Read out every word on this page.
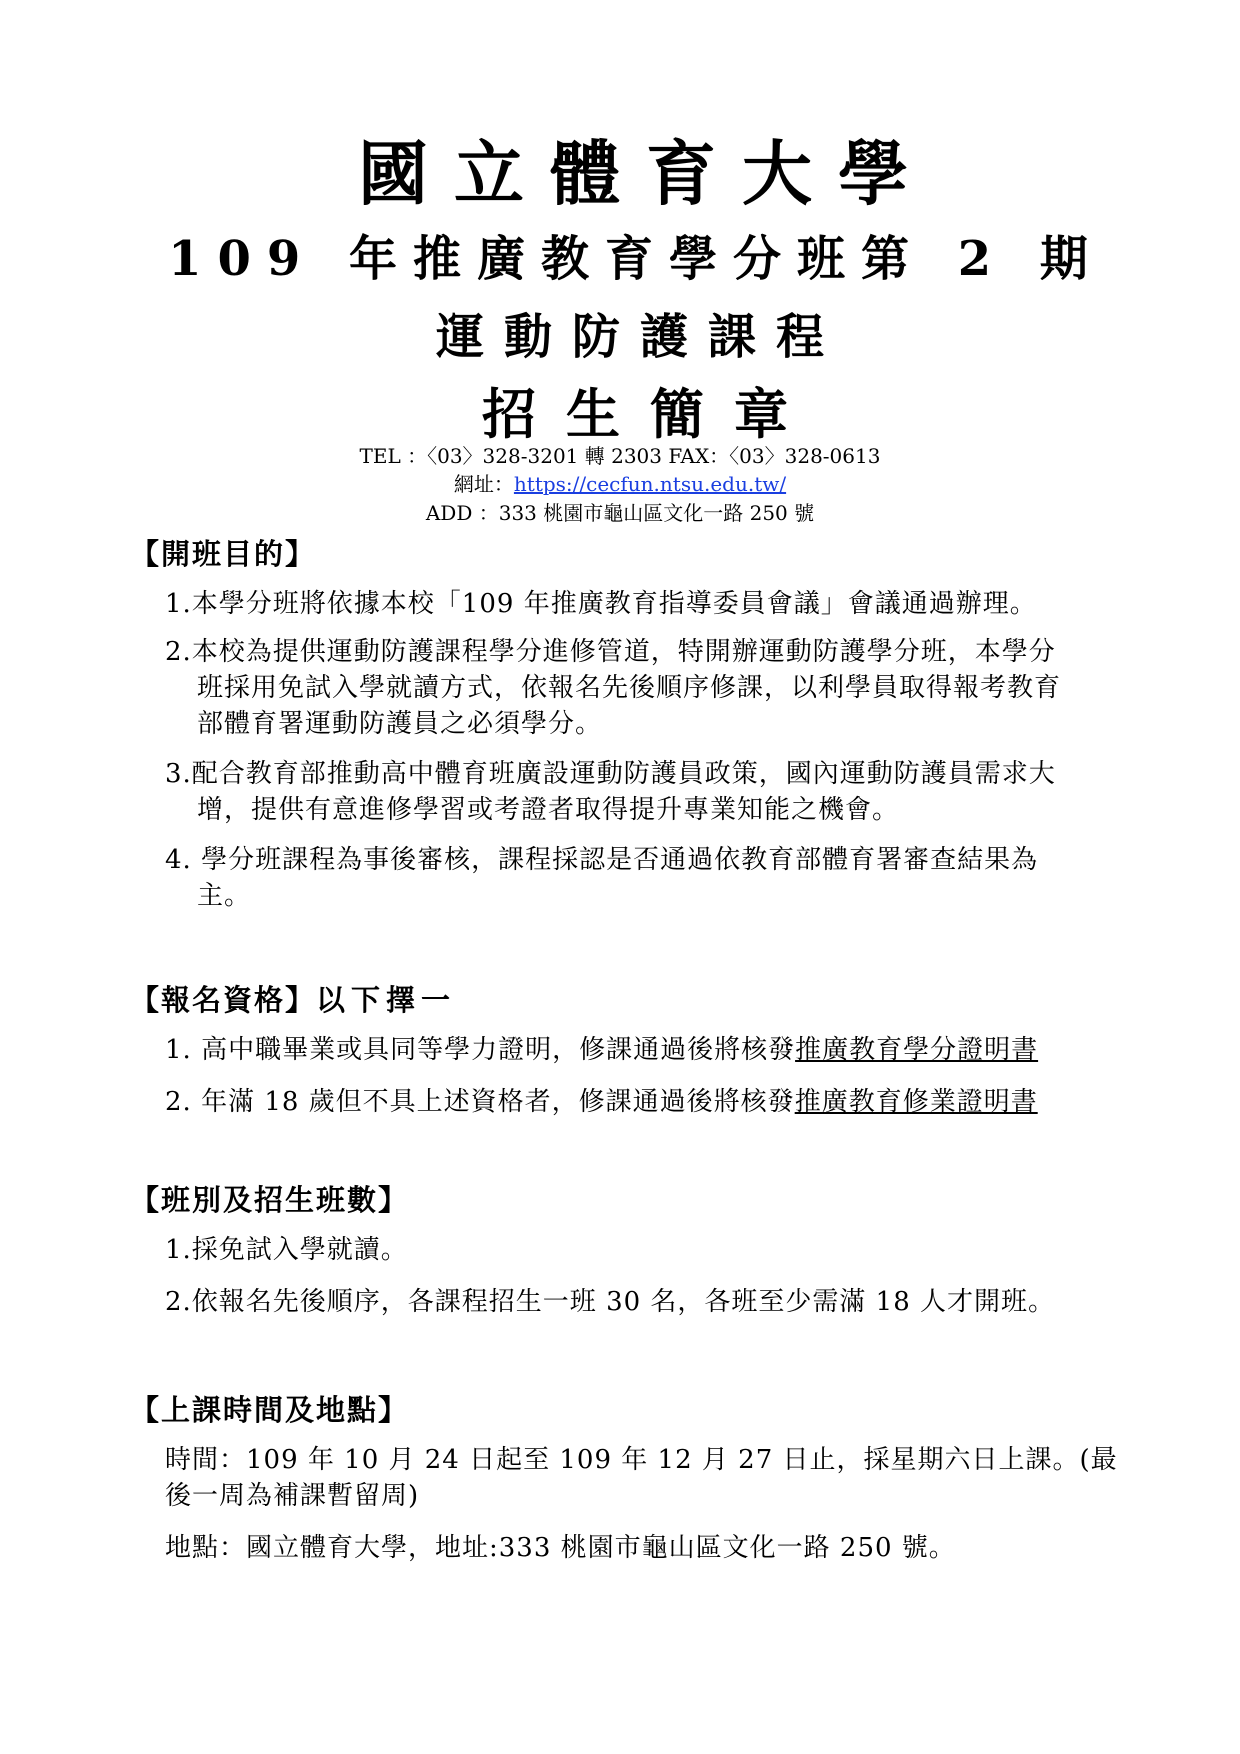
國立體育大學
109 年推廣教育學分班第 2 期
運動防護課程
招生簡章
TEL ：〈03〉328-3201 轉 2303 FAX：〈03〉328-0613
網址：https://cecfun.ntsu.edu.tw/
ADD ：333 桃園市龜山區文化一路 250 號
【開班目的】
1.本學分班將依據本校「109 年推廣教育指導委員會議」會議通過辦理。
2.本校為提供運動防護課程學分進修管道，特開辦運動防護學分班，本學分
班採用免試入學就讀方式，依報名先後順序修課，以利學員取得報考教育
部體育署運動防護員之必須學分。
3.配合教育部推動高中體育班廣設運動防護員政策，國內運動防護員需求大
增，提供有意進修學習或考證者取得提升專業知能之機會。
4. 學分班課程為事後審核，課程採認是否通過依教育部體育署審查結果為
主。
【報名資格】以下擇一
1. 高中職畢業或具同等學力證明，修課通過後將核發推廣教育學分證明書
2. 年滿 18 歲但不具上述資格者，修課通過後將核發推廣教育修業證明書
【班別及招生班數】
1.採免試入學就讀。
2.依報名先後順序，各課程招生一班 30 名，各班至少需滿 18 人才開班。
【上課時間及地點】
時間：109 年 10 月 24 日起至 109 年 12 月 27 日止，採星期六日上課。(最
後一周為補課暫留周)
地點：國立體育大學，地址:333 桃園市龜山區文化一路 250 號。
